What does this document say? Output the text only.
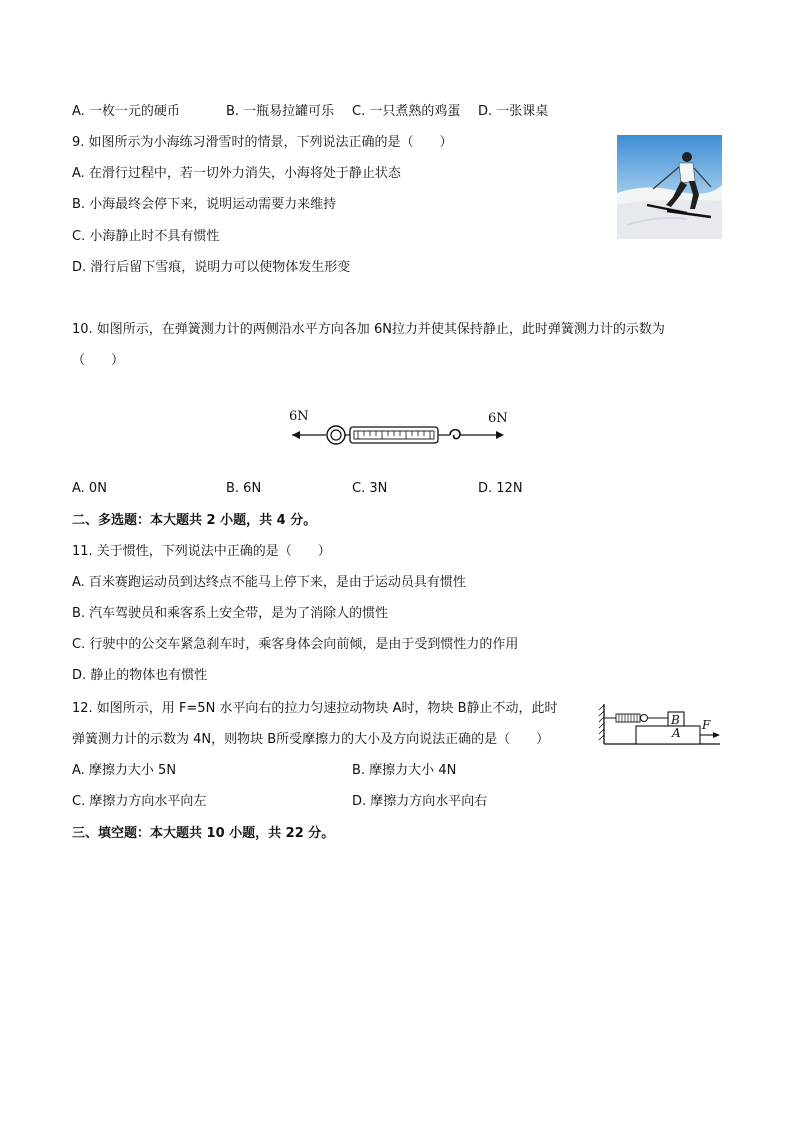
A. 一枚一元的硬币	B. 一瓶易拉罐可乐 C. 一只煮熟的鸡蛋 D. 一张课桌
9. 如图所示为小海练习滑雪时的情景，下列说法正确的是（　　）
A. 在滑行过程中，若一切外力消失，小海将处于静止状态
B. 小海最终会停下来，说明运动需要力来维持
C. 小海静止时不具有惯性
D. 滑行后留下雪痕，说明力可以使物体发生形变
10. 如图所示，在弹簧测力计的两侧沿水平方向各加 6N拉力并使其保持静止，此时弹簧测力计的示数为
（　　）
6N	6N
A. 0N	B. 6N	C. 3N	D. 12N
二、多选题：本大题共 2 小题，共 4 分。
11. 关于惯性，下列说法中正确的是（　　）
A. 百米赛跑运动员到达终点不能马上停下来，是由于运动员具有惯性
B. 汽车驾驶员和乘客系上安全带，是为了消除人的惯性
C. 行驶中的公交车紧急刹车时，乘客身体会向前倾，是由于受到惯性力的作用
D. 静止的物体也有惯性
12. 如图所示，用 F=5N 水平向右的拉力匀速拉动物块 A时，物块 B静止不动，此时
弹簧测力计的示数为 4N，则物块 B所受摩擦力的大小及方向说法正确的是（　　）
B
A
F
A. 摩擦力大小 5N	B. 摩擦力大小 4N
C. 摩擦力方向水平向左	D. 摩擦力方向水平向右
三、填空题：本大题共 10 小题，共 22 分。
